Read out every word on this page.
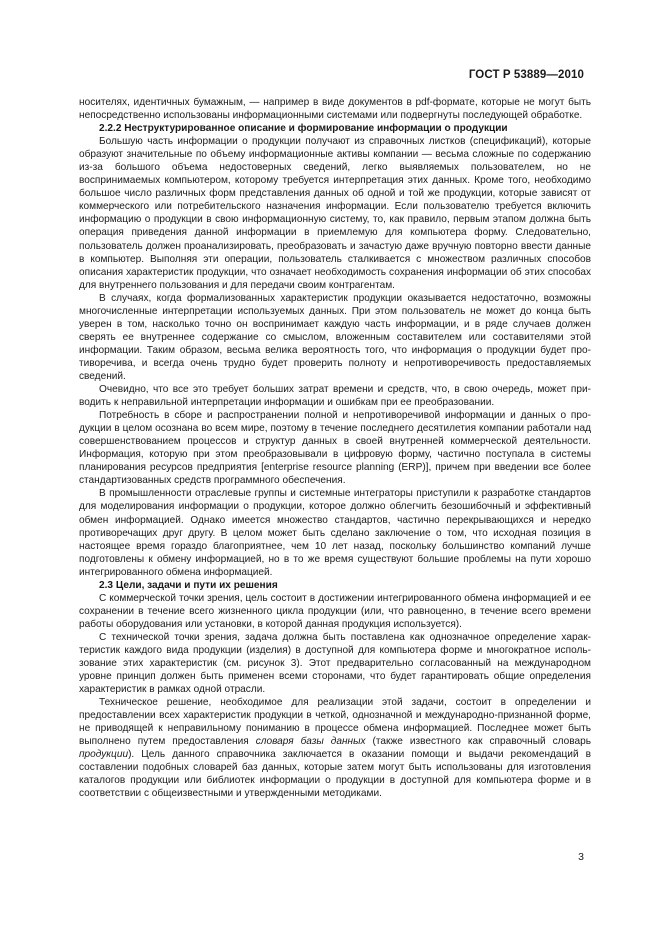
ГОСТ Р 53889—2010

носителях, идентичных бумажным, — например в виде документов в pdf-формате, которые не могут быть непосредственно использованы информационными системами или подвергнуты последующей обработке.

2.2.2 Неструктурированное описание и формирование информации о продукции

Большую часть информации о продукции получают из справочных листков (спецификаций), которые образуют значительные по объему информационные активы компании — весьма сложные по содержанию из-за большого объема недостоверных сведений, легко выявляемых пользователем, но не воспринимаемых компьютером, которому требуется интерпретация этих данных. Кроме того, необходимо большое число различных форм представления данных об одной и той же продукции, которые зависят от коммерческого или потребительского назначения информации. Если пользователю требуется включить информацию о продукции в свою информационную систему, то, как правило, первым этапом должна быть операция приведения данной информации в приемлемую для компьютера форму. Следовательно, пользователь должен проанализировать, преобразовать и зачастую даже вручную повторно ввести данные в компьютер. Выполняя эти операции, пользователь сталкивается с множеством различных способов описания характеристик продукции, что означает необходимость сохранения информации об этих способах для внутреннего пользования и для передачи своим контрагентам.

В случаях, когда формализованных характеристик продукции оказывается недостаточно, возможны многочисленные интерпретации используемых данных. При этом пользователь не может до конца быть уверен в том, насколько точно он воспринимает каждую часть информации, и в ряде случаев должен сверять ее внутреннее содержание со смыслом, вложенным составителем или составителями этой информации. Таким образом, весьма велика вероятность того, что информация о продукции будет противоречива, и всегда очень трудно будет проверить полноту и непротиворечивость предоставляемых сведений.

Очевидно, что все это требует больших затрат времени и средств, что, в свою очередь, может приводить к неправильной интерпретации информации и ошибкам при ее преобразовании.

Потребность в сборе и распространении полной и непротиворечивой информации и данных о продукции в целом осознана во всем мире, поэтому в течение последнего десятилетия компании работали над совершенствованием процессов и структур данных в своей внутренней коммерческой деятельности. Информация, которую при этом преобразовывали в цифровую форму, частично поступала в системы планирования ресурсов предприятия [enterprise resource planning (ERP)], причем при введении все более стандартизованных средств программного обеспечения.

В промышленности отраслевые группы и системные интеграторы приступили к разработке стандартов для моделирования информации о продукции, которое должно облегчить безошибочный и эффективный обмен информацией. Однако имеется множество стандартов, частично перекрывающихся и нередко противоречащих друг другу. В целом может быть сделано заключение о том, что исходная позиция в настоящее время гораздо благоприятнее, чем 10 лет назад, поскольку большинство компаний лучше подготовлены к обмену информацией, но в то же время существуют большие проблемы на пути хорошо интегрированного обмена информацией.

2.3 Цели, задачи и пути их решения

С коммерческой точки зрения, цель состоит в достижении интегрированного обмена информацией и ее сохранении в течение всего жизненного цикла продукции (или, что равноценно, в течение всего времени работы оборудования или установки, в которой данная продукция используется).

С технической точки зрения, задача должна быть поставлена как однозначное определение характеристик каждого вида продукции (изделия) в доступной для компьютера форме и многократное использование этих характеристик (см. рисунок 3). Этот предварительно согласованный на международном уровне принцип должен быть применен всеми сторонами, что будет гарантировать общие определения характеристик в рамках одной отрасли.

Техническое решение, необходимое для реализации этой задачи, состоит в определении и предоставлении всех характеристик продукции в четкой, однозначной и международно-признанной форме, не приводящей к неправильному пониманию в процессе обмена информацией. Последнее может быть выполнено путем предоставления словаря базы данных (также известного как справочный словарь продукции). Цель данного справочника заключается в оказании помощи и выдачи рекомендаций в составлении подобных словарей баз данных, которые затем могут быть использованы для изготовления каталогов продукции или библиотек информации о продукции в доступной для компьютера форме и в соответствии с общеизвестными и утвержденными методиками.

3
